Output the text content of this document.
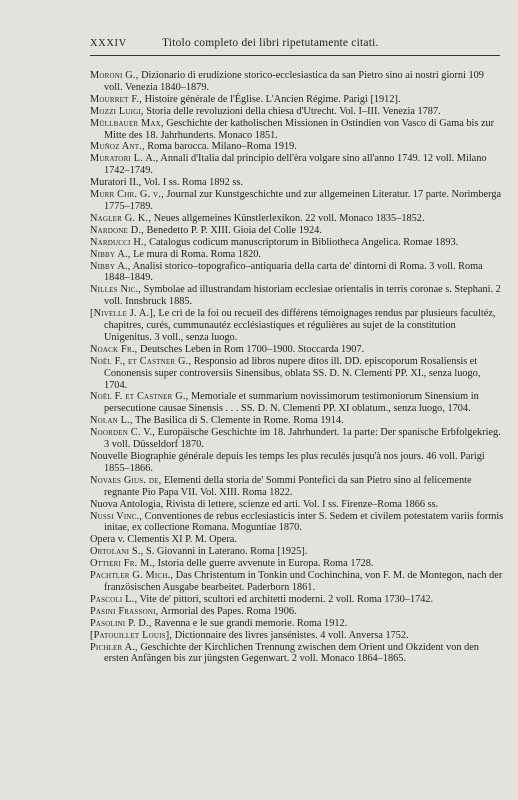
XXXIV	Titolo completo dei libri ripetutamente citati.

Moroni G., Dizionario di erudizione storico-ecclesiastica da san Pietro sino ai nostri giorni 109 voll. Venezia 1840–1879.

Mourret F., Histoire générale de l'Église. L'Ancien Régime. Parigi [1912].

Mozzi Luigi, Storia delle revoluzioni della chiesa d'Utrecht. Vol. I–III. Venezia 1787.

Müllbauer Max, Geschichte der katholischen Missionen in Ostindien von Vasco di Gama bis zur Mitte des 18. Jahrhunderts. Monaco 1851.

Muñoz Ant., Roma barocca. Milano–Roma 1919.

Muratori L. A., Annali d'Italia dal principio dell'èra volgare sino all'anno 1749. 12 voll. Milano 1742–1749.

Muratori II., Vol. I ss. Roma 1892 ss.

Murr Chr. G. v., Journal zur Kunstgeschichte und zur allgemeinen Literatur. 17 parte. Norimberga 1775–1789.

Nagler G. K., Neues allgemeines Künstlerlexikon. 22 voll. Monaco 1835–1852.

Nardone D., Benedetto P. P. XIII. Gioia del Colle 1924.

Narducci H., Catalogus codicum manuscriptorum in Bibliotheca Angelica. Romae 1893.

Nibby A., Le mura di Roma. Roma 1820.

Nibby A., Analisi storico–topografico–antiquaria della carta de' dintorni di Roma. 3 voll. Roma 1848–1849.

Nilles Nic., Symbolae ad illustrandam historiam ecclesiae orientalis in terris coronae s. Stephani. 2 voll. Innsbruck 1885.

[Nivelle J. A.], Le cri de la foi ou recueil des différens témoignages rendus par plusieurs facultéz, chapitres, curés, cummunautéz ecclésiastiques et régulières au sujet de la constitution Unigenitus. 3 voll., senza luogo.

Noack Fr., Deutsches Leben in Rom 1700–1900. Stoccarda 1907.

Noël F., et Castner G., Responsio ad libros nupere ditos ill. DD. episcoporum Rosaliensis et Cononensis super controversiis Sinensibus, oblata SS. D. N. Clementi PP. XI., senza luogo, 1704.

Noël F. et Castner G., Memoriale et summarium novissimorum testimoniorum Sinensium in persecutione causae Sinensis . . . SS. D. N. Clementi PP. XI oblatum., senza luogo, 1704.

Nolan L., The Basilica di S. Clemente in Rome. Roma 1914.

Noorden C. V., Europäische Geschichte im 18. Jahrhundert. 1a parte: Der spanische Erbfolgekrieg. 3 voll. Düsseldorf 1870.

Nouvelle Biographie générale depuis les temps les plus reculés jusqu'à nos jours. 46 voll. Parigi 1855–1866.

Novaes Gius. de, Elementi della storia de' Sommi Pontefici da san Pietro sino al felicemente regnante Pio Papa VII. Vol. XIII. Roma 1822.

Nuova Antologia, Rivista di lettere, scienze ed arti. Vol. I ss. Firenze–Roma 1866 ss.

Nussi Vinc., Conventiones de rebus ecclesiasticis inter S. Sedem et civilem potestatem variis formis initae, ex collectione Romana. Moguntiae 1870.

Opera v. Clementis XI P. M. Opera.

Ortolani S., S. Giovanni in Laterano. Roma [1925].

Ottieri Fr. M., Istoria delle guerre avvenute in Europa. Roma 1728.

Pachtler G. Mich., Das Christentum in Tonkin und Cochinchina, von F. M. de Montegon, nach der französischen Ausgabe bearbeitet. Paderborn 1861.

Pascoli L., Vite de' pittori, scultori ed architetti moderni. 2 voll. Roma 1730–1742.

Pasini Frassoni, Armorial des Papes. Roma 1906.

Pasolini P. D., Ravenna e le sue grandi memorie. Roma 1912.

[Patouillet Louis], Dictionnaire des livres jansénistes. 4 voll. Anversa 1752.

Pichler A., Geschichte der Kirchlichen Trennung zwischen dem Orient und Okzident von den ersten Anfängen bis zur jüngsten Gegenwart. 2 voll. Monaco 1864–1865.
